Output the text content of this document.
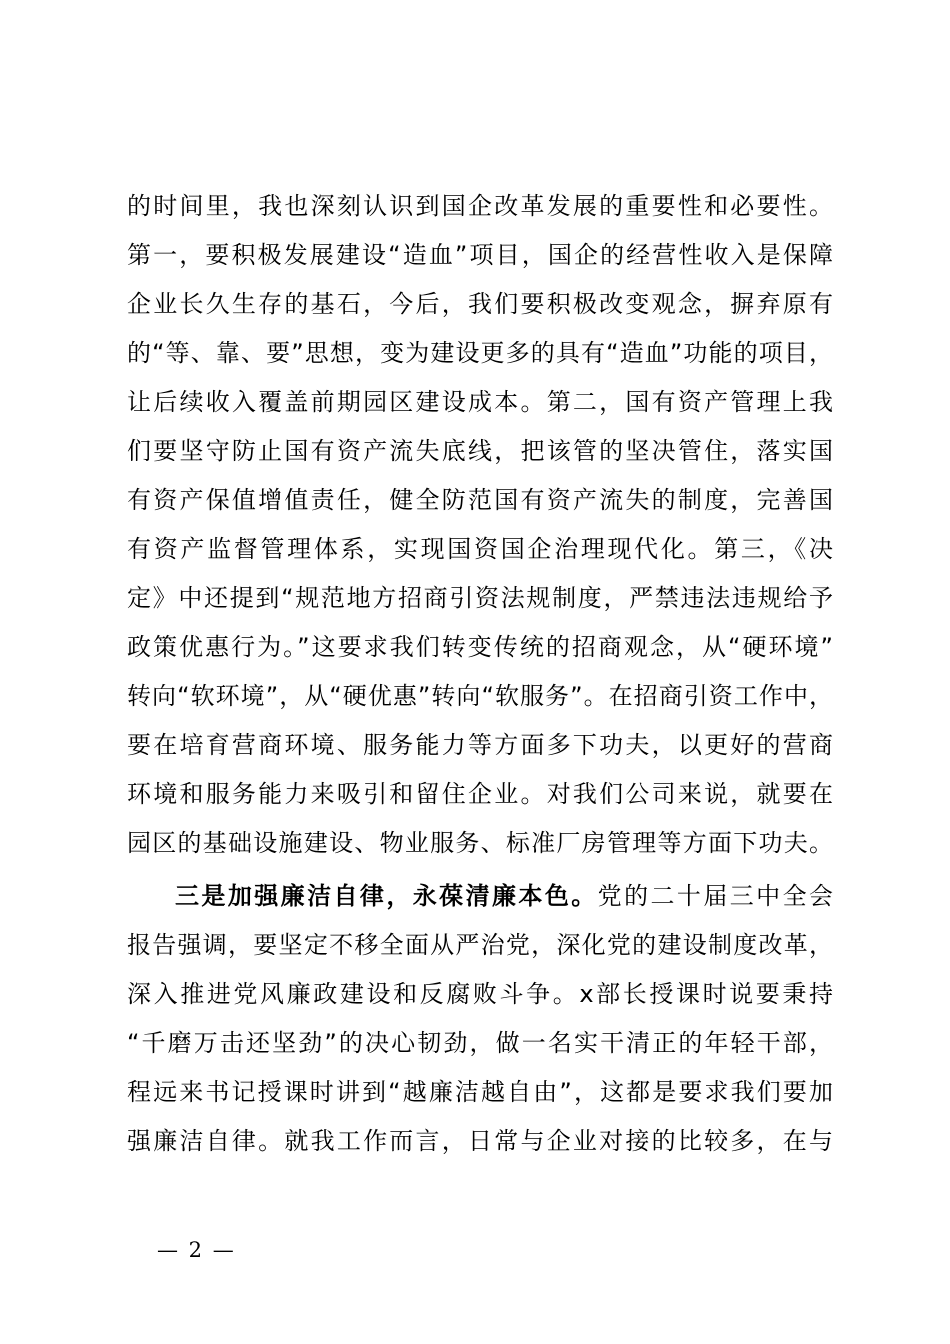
的时间里，我也深刻认识到国企改革发展的重要性和必要性。
第一，要积极发展建设“造血”项目，国企的经营性收入是保障
企业长久生存的基石，今后，我们要积极改变观念，摒弃原有
的“等、靠、要”思想，变为建设更多的具有“造血”功能的项目，
让后续收入覆盖前期园区建设成本。第二，国有资产管理上我
们要坚守防止国有资产流失底线，把该管的坚决管住，落实国
有资产保值增值责任，健全防范国有资产流失的制度，完善国
有资产监督管理体系，实现国资国企治理现代化。第三，《决
定》中还提到“规范地方招商引资法规制度，严禁违法违规给予
政策优惠行为。”这要求我们转变传统的招商观念，从“硬环境”
转向“软环境”，从“硬优惠”转向“软服务”。在招商引资工作中，
要在培育营商环境、服务能力等方面多下功夫，以更好的营商
环境和服务能力来吸引和留住企业。对我们公司来说，就要在
园区的基础设施建设、物业服务、标准厂房管理等方面下功夫。
三是加强廉洁自律，永葆清廉本色。党的二十届三中全会
报告强调，要坚定不移全面从严治党，深化党的建设制度改革，
深入推进党风廉政建设和反腐败斗争。x部长授课时说要秉持
“千磨万击还坚劲”的决心韧劲，做一名实干清正的年轻干部，
程远来书记授课时讲到“越廉洁越自由”，这都是要求我们要加
强廉洁自律。就我工作而言，日常与企业对接的比较多，在与
— 2 —
